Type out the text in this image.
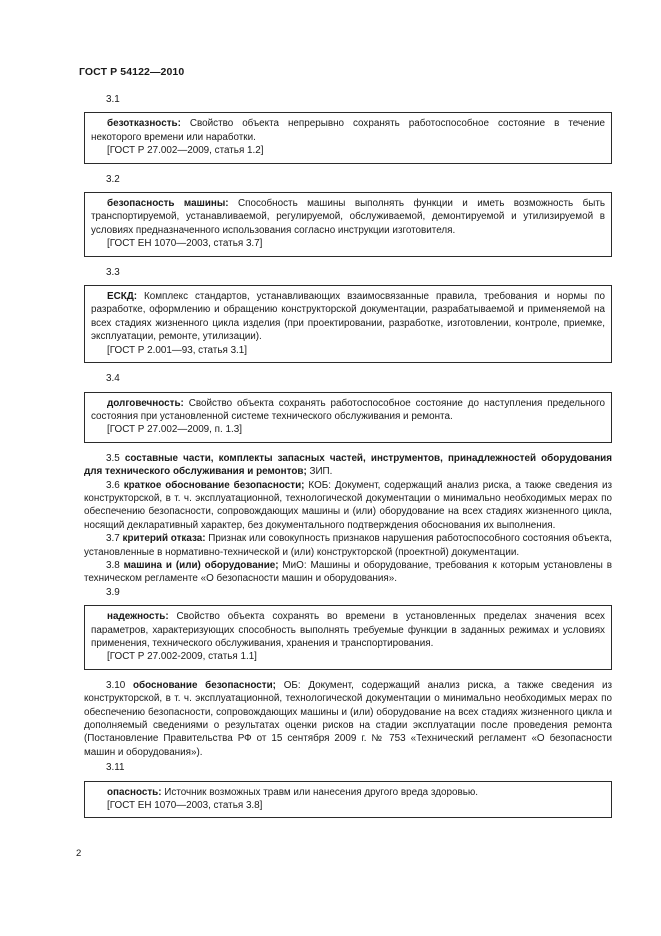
ГОСТ Р 54122—2010
3.1

безотказность: Свойство объекта непрерывно сохранять работоспособное состояние в течение некоторого времени или наработки.

[ГОСТ Р 27.002—2009, статья 1.2]

3.2

безопасность машины: Способность машины выполнять функции и иметь возможность быть транспортируемой, устанавливаемой, регулируемой, обслуживаемой, демонтируемой и утилизируемой в условиях предназначенного использования согласно инструкции изготовителя.

[ГОСТ ЕН 1070—2003, статья 3.7]

3.3

ЕСКД: Комплекс стандартов, устанавливающих взаимосвязанные правила, требования и нормы по разработке, оформлению и обращению конструкторской документации, разрабатываемой и применяемой на всех стадиях жизненного цикла изделия (при проектировании, разработке, изготовлении, контроле, приемке, эксплуатации, ремонте, утилизации).

[ГОСТ Р 2.001—93, статья 3.1]

3.4

долговечность: Свойство объекта сохранять работоспособное состояние до наступления предельного состояния при установленной системе технического обслуживания и ремонта.

[ГОСТ Р 27.002—2009, п. 1.3]

3.5 составные части, комплекты запасных частей, инструментов, принадлежностей оборудования для технического обслуживания и ремонтов; ЗИП.

3.6 краткое обоснование безопасности; КОБ: Документ, содержащий анализ риска, а также сведения из конструкторской, в т. ч. эксплуатационной, технологической документации о минимально необходимых мерах по обеспечению безопасности, сопровождающих машины и (или) оборудование на всех стадиях жизненного цикла, носящий декларативный характер, без документального подтверждения обоснования их выполнения.

3.7 критерий отказа: Признак или совокупность признаков нарушения работоспособного состояния объекта, установленные в нормативно-технической и (или) конструкторской (проектной) документации.

3.8 машина и (или) оборудование; МиО: Машины и оборудование, требования к которым установлены в техническом регламенте «О безопасности машин и оборудования».

3.9

надежность: Свойство объекта сохранять во времени в установленных пределах значения всех параметров, характеризующих способность выполнять требуемые функции в заданных режимах и условиях применения, технического обслуживания, хранения и транспортирования.

[ГОСТ Р 27.002-2009, статья 1.1]

3.10 обоснование безопасности; ОБ: Документ, содержащий анализ риска, а также сведения из конструкторской, в т. ч. эксплуатационной, технологической документации о минимально необходимых мерах по обеспечению безопасности, сопровождающих машины и (или) оборудование на всех стадиях жизненного цикла и дополняемый сведениями о результатах оценки рисков на стадии эксплуатации после проведения ремонта (Постановление Правительства РФ от 15 сентября 2009 г. № 753 «Технический регламент «О безопасности машин и оборудования»).

3.11

опасность: Источник возможных травм или нанесения другого вреда здоровью.

[ГОСТ ЕН 1070—2003, статья 3.8]

2
